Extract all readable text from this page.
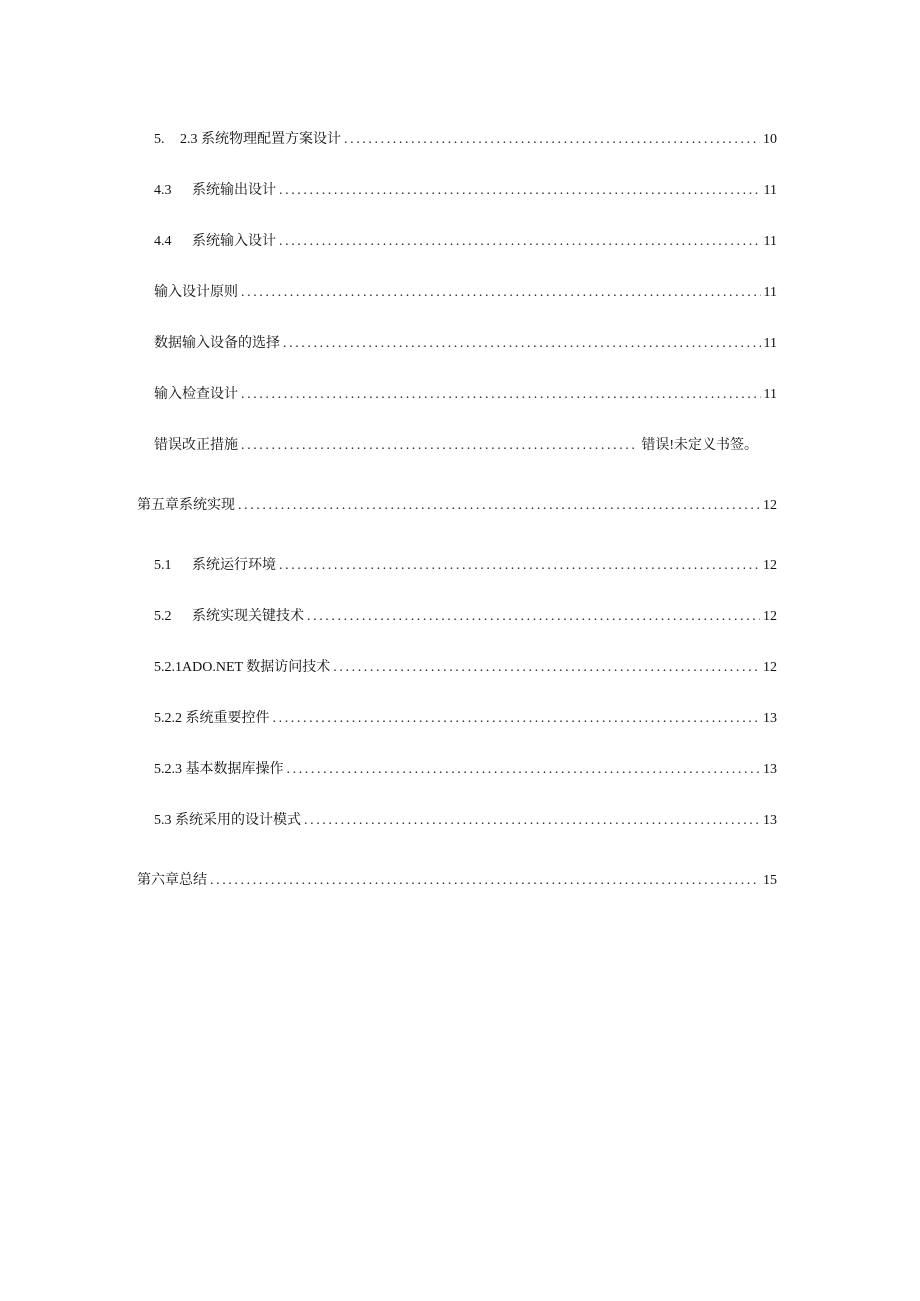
5. 2.3 系统物理配置方案设计 .....	10
4.3 系统输出设计 .....	11
4.4 系统输入设计 .....	11
输入设计原则 .....	11
数据输入设备的选择 .....	11
输入检查设计 .....	11
错误改正措施 .....	错误!未定义书签。
第五章系统实现 .....	12
5.1 系统运行环境 .....	12
5.2 系统实现关键技术 .....	12
5.2.1ADO.NET 数据访问技术 .....	12
5.2.2 系统重要控件 .....	13
5.2.3 基本数据库操作 .....	13
5.3 系统采用的设计模式 .....	13
第六章总结 .....	15
